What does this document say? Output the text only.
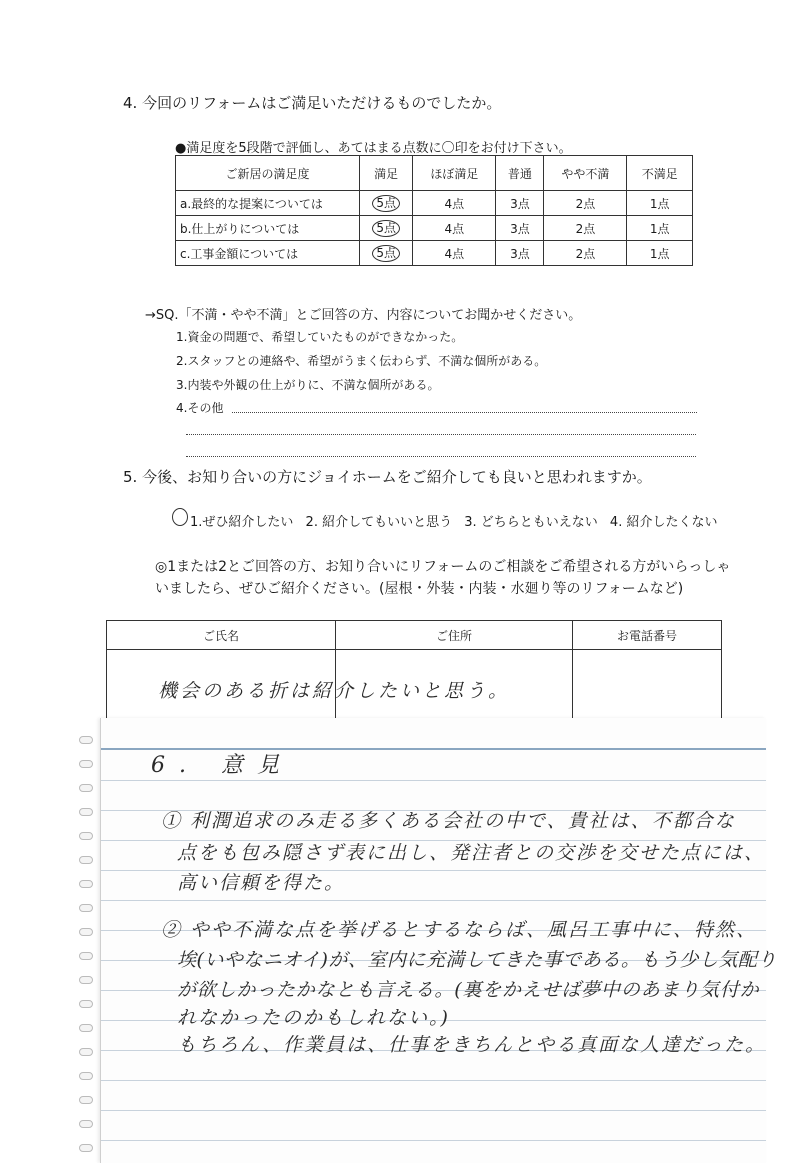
4. 今回のリフォームはご満足いただけるものでしたか。
●満足度を5段階で評価し、あてはまる点数に〇印をお付け下さい。
ご新居の満足度	満足	ほぼ満足	普通	やや不満	不満足
a.最終的な提案については	5点	4点	3点	2点	1点
b.仕上がりについては	5点	4点	3点	2点	1点
c.工事金額については	5点	4点	3点	2点	1点
→SQ.「不満・やや不満」とご回答の方、内容についてお聞かせください。
1.資金の問題で、希望していたものができなかった。
2.スタッフとの連絡や、希望がうまく伝わらず、不満な個所がある。
3.内装や外観の仕上がりに、不満な個所がある。
4.その他
5. 今後、お知り合いの方にジョイホームをご紹介しても良いと思われますか。
1.ぜひ紹介したい 2. 紹介してもいいと思う 3. どちらともいえない 4. 紹介したくない
◎1または2とご回答の方、お知り合いにリフォームのご相談をご希望される方がいらっしゃ
いましたら、ぜひご紹介ください。(屋根・外装・内装・水廻り等のリフォームなど)
ご氏名	ご住所	お電話番号

機会のある折は紹介したいと思う。
6. 意見
① 利潤追求のみ走る多くある会社の中で、貴社は、不都合な
点をも包み隠さず表に出し、発注者との交渉を交せた点には、
高い信頼を得た。
② やや不満な点を挙げるとするならば、風呂工事中に、特然、
埃(いやなニオイ)が、室内に充満してきた事である。もう少し気配り
が欲しかったかなとも言える。(裏をかえせば夢中のあまり気付か
れなかったのかもしれない。)
もちろん、作業員は、仕事をきちんとやる真面な人達だった。
